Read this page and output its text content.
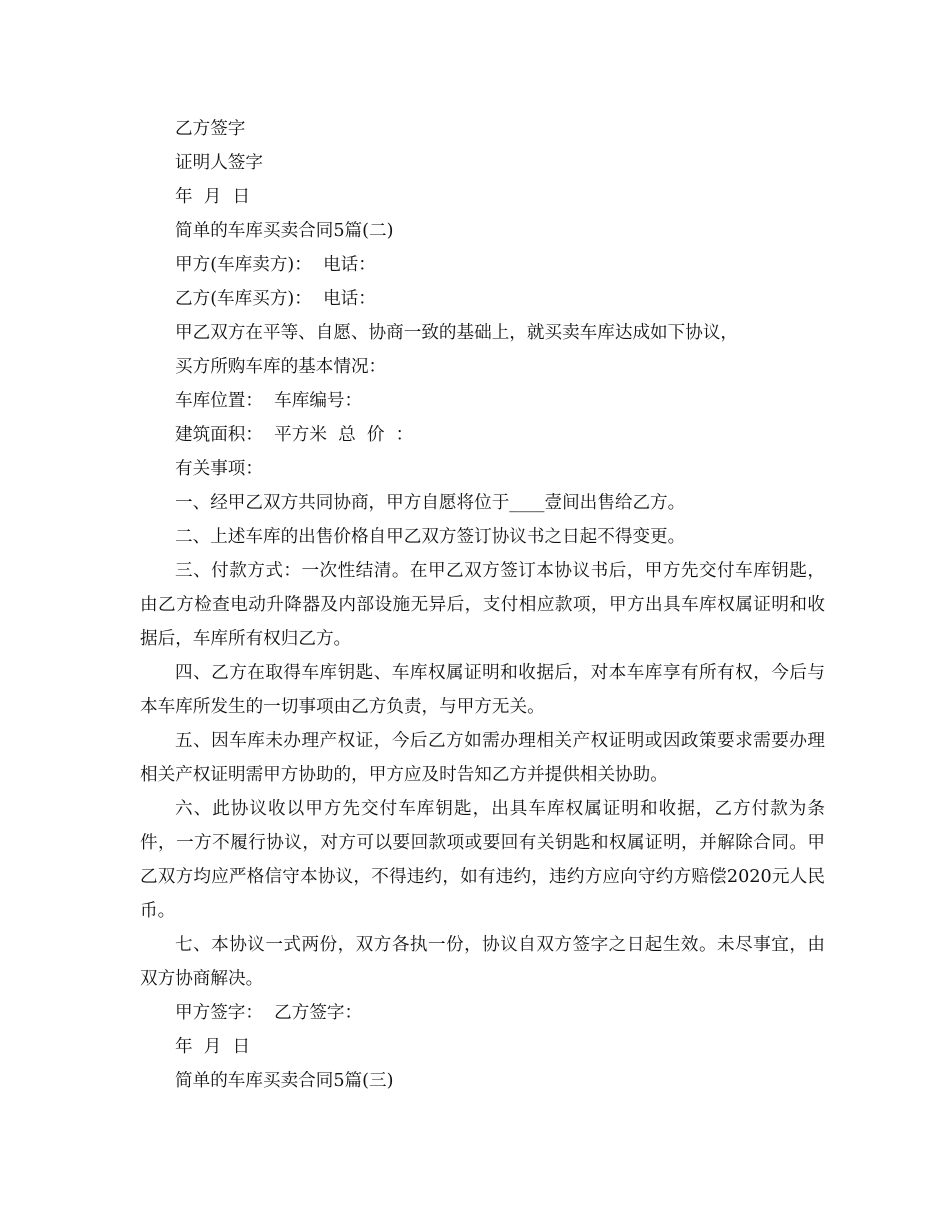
乙方签字
证明人签字
年  月  日
简单的车库买卖合同5篇(二)
甲方(车库卖方)：  电话：
乙方(车库买方)：  电话：
甲乙双方在平等、自愿、协商一致的基础上，就买卖车库达成如下协议，
买方所购车库的基本情况：
车库位置：  车库编号：
建筑面积：  平方米  总  价  ：
有关事项：
一、经甲乙双方共同协商，甲方自愿将位于____壹间出售给乙方。
二、上述车库的出售价格自甲乙双方签订协议书之日起不得变更。
三、付款方式：一次性结清。在甲乙双方签订本协议书后，甲方先交付车库钥匙，由乙方检查电动升降器及内部设施无异后，支付相应款项，甲方出具车库权属证明和收据后，车库所有权归乙方。
四、乙方在取得车库钥匙、车库权属证明和收据后，对本车库享有所有权，今后与本车库所发生的一切事项由乙方负责，与甲方无关。
五、因车库未办理产权证，今后乙方如需办理相关产权证明或因政策要求需要办理相关产权证明需甲方协助的，甲方应及时告知乙方并提供相关协助。
六、此协议收以甲方先交付车库钥匙，出具车库权属证明和收据，乙方付款为条件，一方不履行协议，对方可以要回款项或要回有关钥匙和权属证明，并解除合同。甲乙双方均应严格信守本协议，不得违约，如有违约，违约方应向守约方赔偿2020元人民币。
七、本协议一式两份，双方各执一份，协议自双方签字之日起生效。未尽事宜，由双方协商解决。
甲方签字：  乙方签字：
年  月  日
简单的车库买卖合同5篇(三)
